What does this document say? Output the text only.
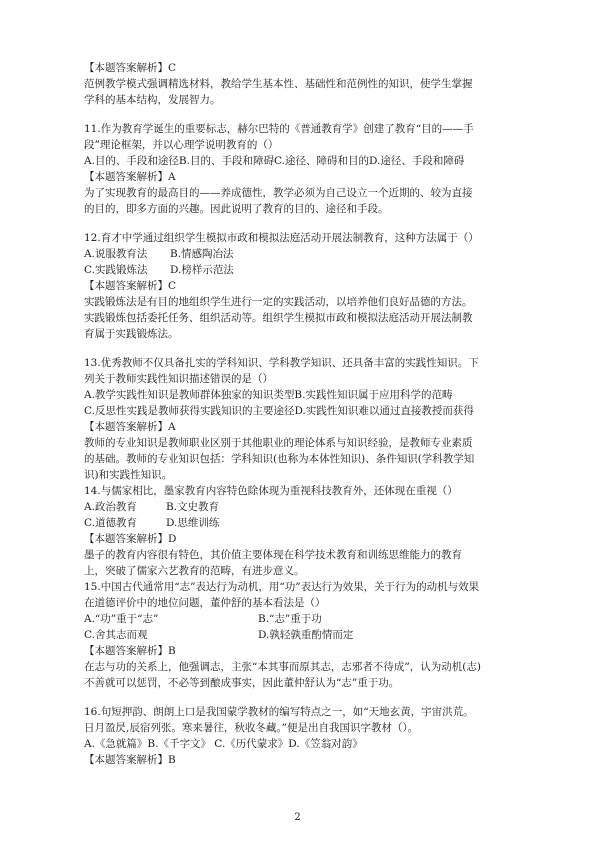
【本题答案解析】C
范例教学模式强调精选材料，教给学生基本性、基础性和范例性的知识，使学生掌握
学科的基本结构，发展智力。
11.作为教育学诞生的重要标志，赫尔巴特的《普通教育学》创建了教育“目的——手
段”理论框架，并以心理学说明教育的（）
A.目的、手段和途径B.目的、手段和障碍C.途径、障碍和目的D.途径、手段和障碍
【本题答案解析】A
为了实现教育的最高目的——养成德性，教学必须为自己设立一个近期的、较为直接
的目的，即多方面的兴趣。因此说明了教育的目的、途径和手段。
12.育才中学通过组织学生模拟市政和模拟法庭活动开展法制教育，这种方法属于（）
A.说服教育法 B.情感陶冶法
C.实践锻炼法 D.榜样示范法
【本题答案解析】C
实践锻炼法是有目的地组织学生进行一定的实践活动，以培养他们良好品德的方法。
实践锻炼包括委托任务、组织活动等。组织学生模拟市政和模拟法庭活动开展法制教
育属于实践锻炼法。
13.优秀教师不仅具备扎实的学科知识、学科教学知识、还具备丰富的实践性知识。下
列关于教师实践性知识描述错误的是（）
A.教学实践性知识是教师群体独家的知识类型B.实践性知识属于应用科学的范畴
C.反思性实践是教师获得实践知识的主要途径D.实践性知识难以通过直接教授而获得
【本题答案解析】A
教师的专业知识是教师职业区别于其他职业的理论体系与知识经验，是教师专业素质
的基础。教师的专业知识包括：学科知识(也称为本体性知识)、条件知识(学科教学知
识)和实践性知识。
14.与儒家相比，墨家教育内容特色除体现为重视科技教育外，还体现在重视（）
A.政治教育	B.文史教育
C.道德教育	D.思维训练
【本题答案解析】D
墨子的教育内容很有特色，其价值主要体现在科学技术教育和训练思维能力的教育
上，突破了儒家六艺教育的范畴，有进步意义。
15.中国古代通常用“志”表达行为动机，用“功”表达行为效果，关于行为的动机与效果
在道德评价中的地位问题，董仲舒的基本看法是（）
A.“功”重于“志”	B.“志”重于功
C.舍其志而观	D.孰轻孰重酌情而定
【本题答案解析】B
在志与功的关系上，他强调志，主张“本其事而原其志，志邪者不待成”，认为动机(志)
不善就可以惩罚，不必等到酿成事实，因此董仲舒认为“志”重于功。
16.句短押韵、朗朗上口是我国蒙学教材的编写特点之一，如“天地玄黄，宇宙洪荒。
日月盈昃,辰宿列张。寒来暑往，秋收冬藏。”便是出自我国识字教材（）。
A.《急就篇》B.《千字文》 C.《历代蒙求》D.《笠翁对韵》
【本题答案解析】B
2
